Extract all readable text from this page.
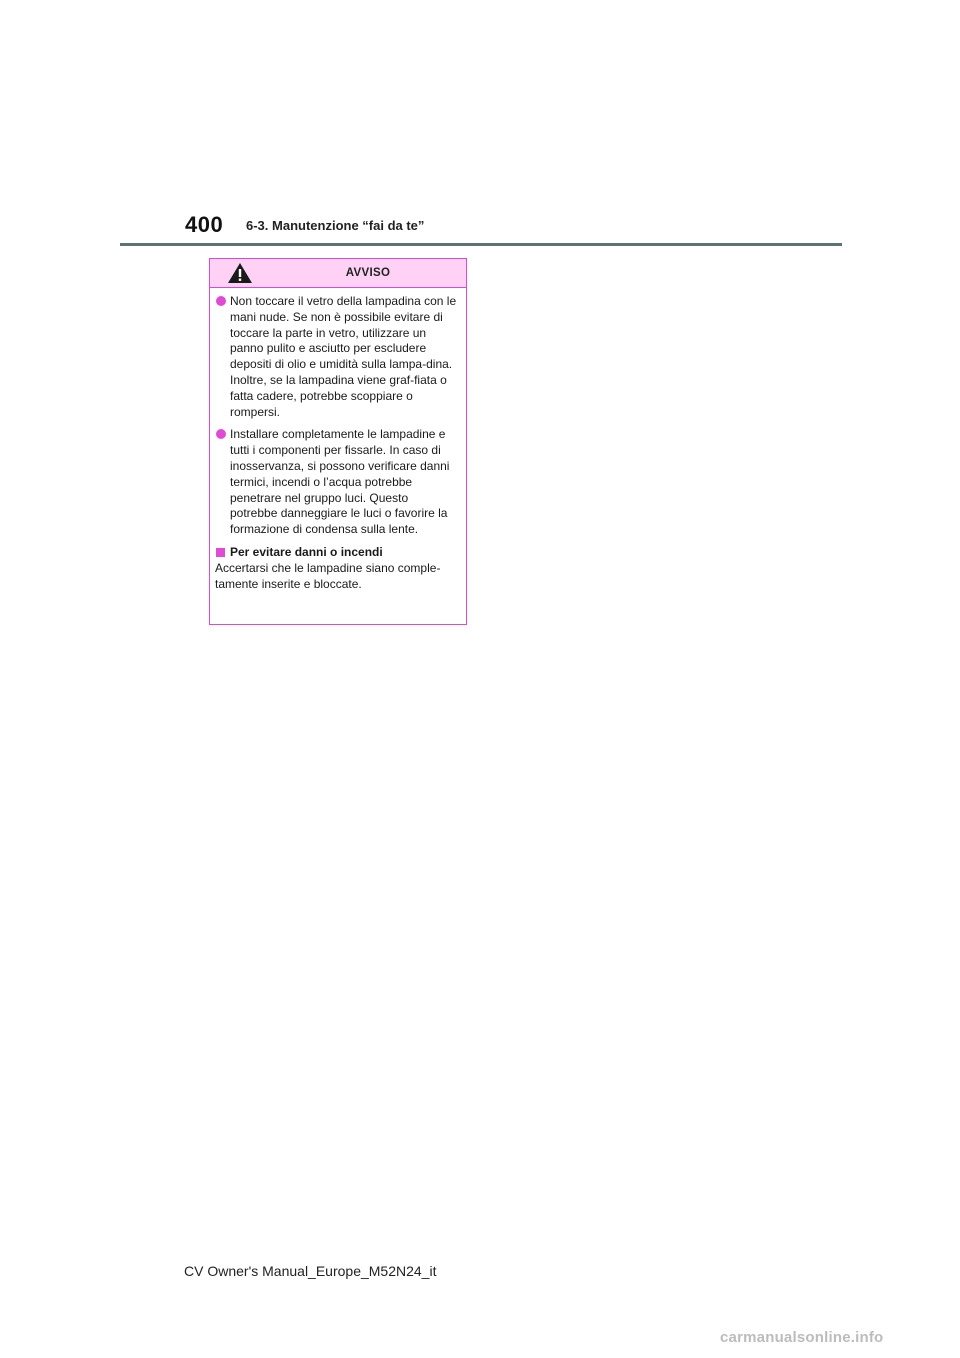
400 6-3. Manutenzione “fai da te”
AVVISO
Non toccare il vetro della lampadina con le mani nude. Se non è possibile evitare di toccare la parte in vetro, utilizzare un panno pulito e asciutto per escludere depositi di olio e umidità sulla lampa-dina. Inoltre, se la lampadina viene graf-fiata o fatta cadere, potrebbe scoppiare o rompersi.
Installare completamente le lampadine e tutti i componenti per fissarle. In caso di inosservanza, si possono verificare danni termici, incendi o l’acqua potrebbe penetrare nel gruppo luci. Questo potrebbe danneggiare le luci o favorire la formazione di condensa sulla lente.
Per evitare danni o incendi
Accertarsi che le lampadine siano comple-tamente inserite e bloccate.
CV Owner's Manual_Europe_M52N24_it
carmanualsonline.info
